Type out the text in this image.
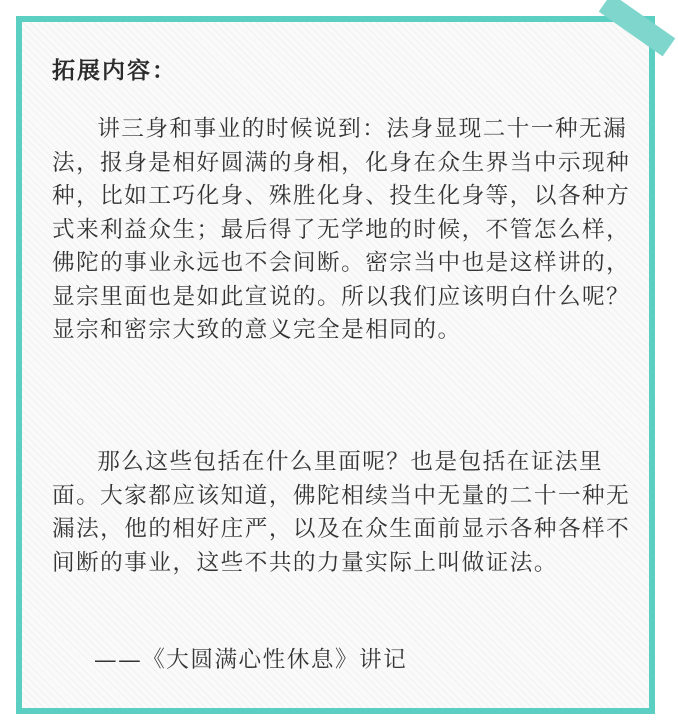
拓展内容：

讲三身和事业的时候说到：法身显现二十一种无漏法，报身是相好圆满的身相，化身在众生界当中示现种种，比如工巧化身、殊胜化身、投生化身等，以各种方式来利益众生；最后得了无学地的时候，不管怎么样，佛陀的事业永远也不会间断。密宗当中也是这样讲的，显宗里面也是如此宣说的。所以我们应该明白什么呢？显宗和密宗大致的意义完全是相同的。

那么这些包括在什么里面呢？也是包括在证法里面。大家都应该知道，佛陀相续当中无量的二十一种无漏法，他的相好庄严，以及在众生面前显示各种各样不间断的事业，这些不共的力量实际上叫做证法。

——《大圆满心性休息》讲记
